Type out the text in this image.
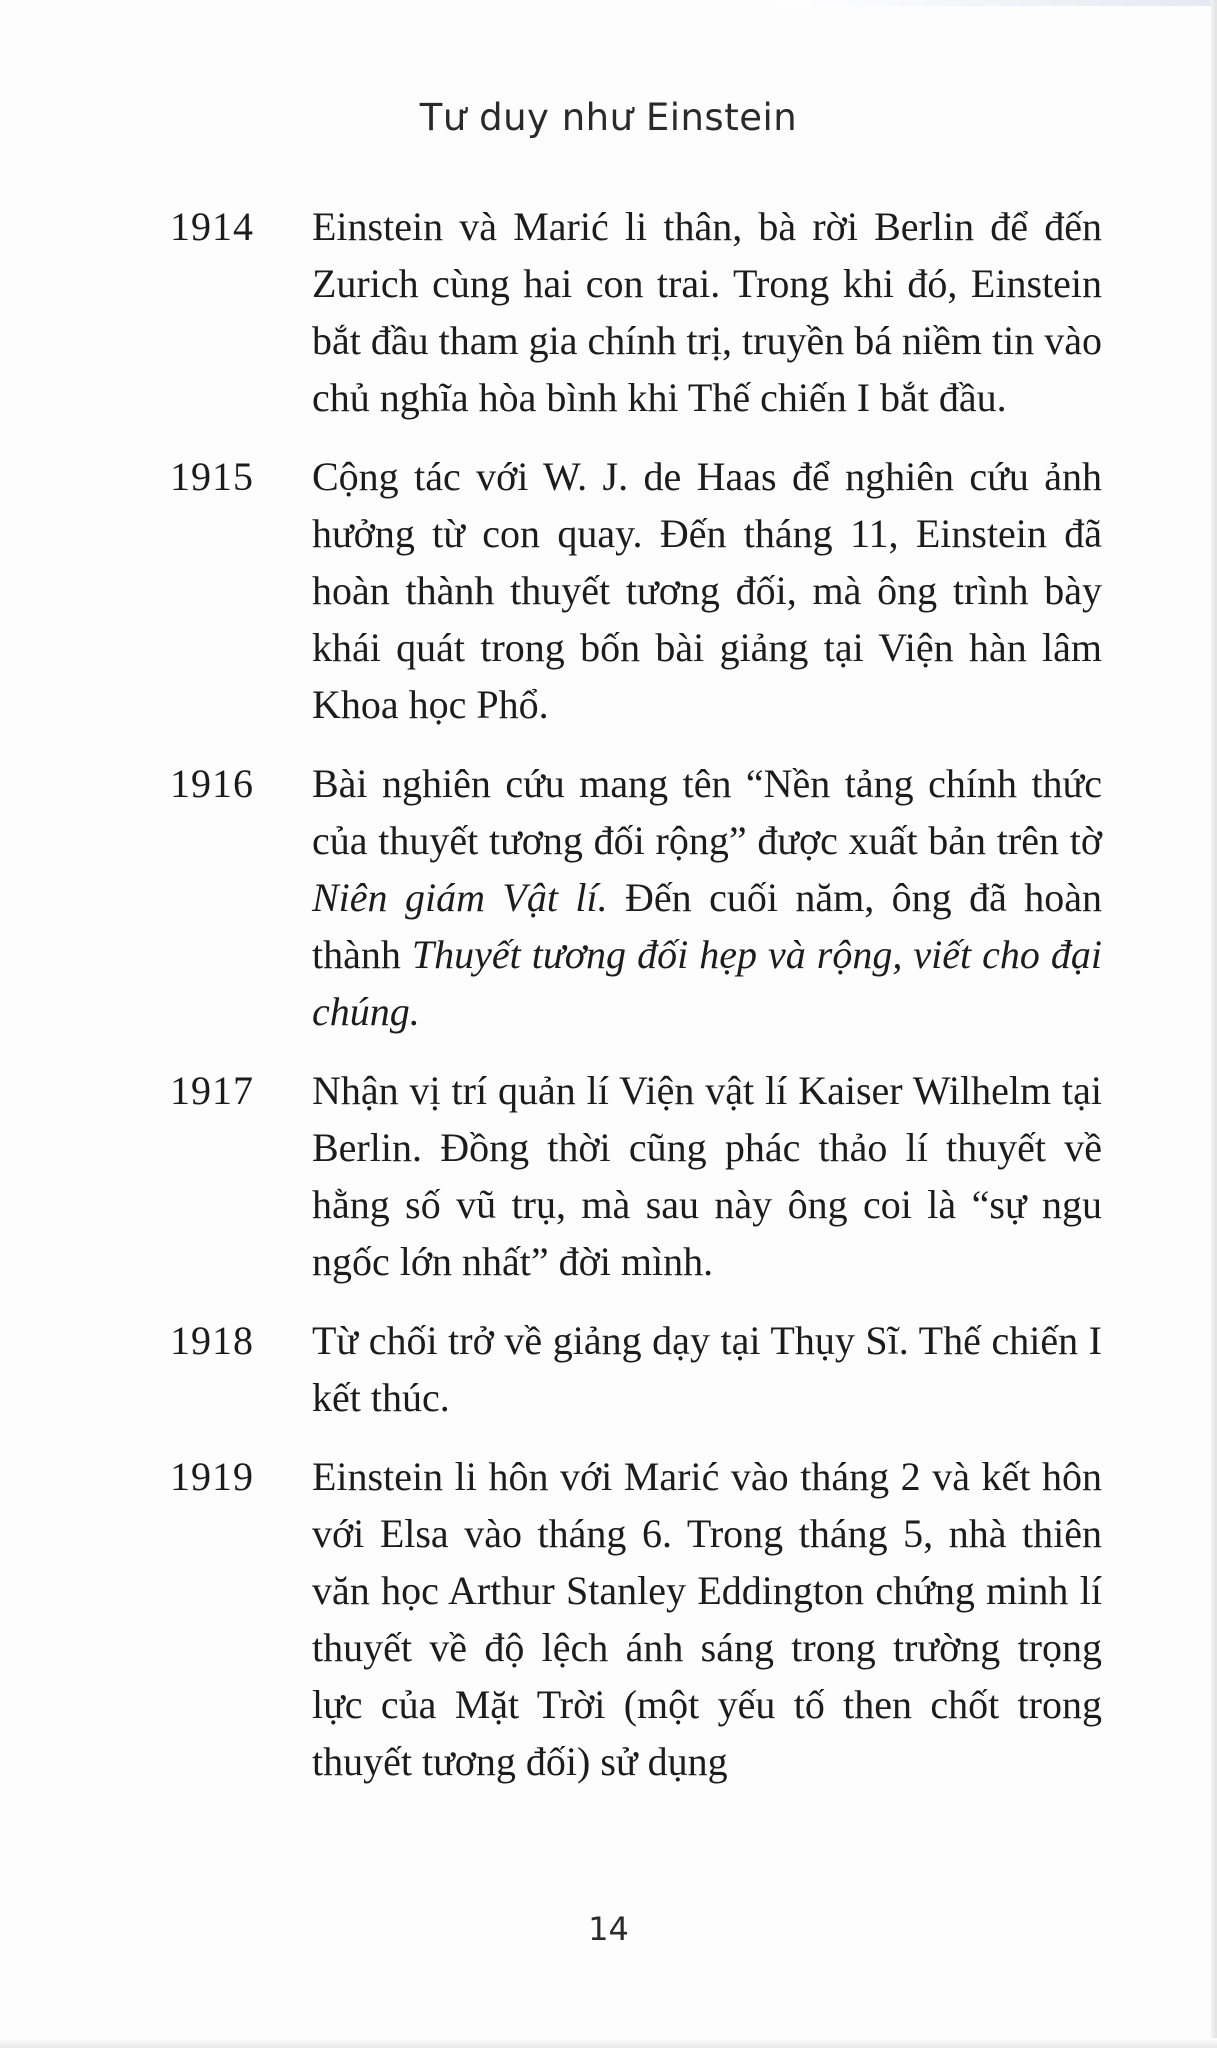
Tư duy như Einstein
1914	Einstein và Marić li thân, bà rời Berlin để đến Zurich cùng hai con trai. Trong khi đó, Einstein bắt đầu tham gia chính trị, truyền bá niềm tin vào chủ nghĩa hòa bình khi Thế chiến I bắt đầu.
1915	Cộng tác với W. J. de Haas để nghiên cứu ảnh hưởng từ con quay. Đến tháng 11, Einstein đã hoàn thành thuyết tương đối, mà ông trình bày khái quát trong bốn bài giảng tại Viện hàn lâm Khoa học Phổ.
1916	Bài nghiên cứu mang tên “Nền tảng chính thức của thuyết tương đối rộng” được xuất bản trên tờ Niên giám Vật lí. Đến cuối năm, ông đã hoàn thành Thuyết tương đối hẹp và rộng, viết cho đại chúng.
1917	Nhận vị trí quản lí Viện vật lí Kaiser Wilhelm tại Berlin. Đồng thời cũng phác thảo lí thuyết về hằng số vũ trụ, mà sau này ông coi là “sự ngu ngốc lớn nhất” đời mình.
1918	Từ chối trở về giảng dạy tại Thụy Sĩ. Thế chiến I kết thúc.
1919	Einstein li hôn với Marić vào tháng 2 và kết hôn với Elsa vào tháng 6. Trong tháng 5, nhà thiên văn học Arthur Stanley Eddington chứng minh lí thuyết về độ lệch ánh sáng trong trường trọng lực của Mặt Trời (một yếu tố then chốt trong thuyết tương đối) sử dụng
14
